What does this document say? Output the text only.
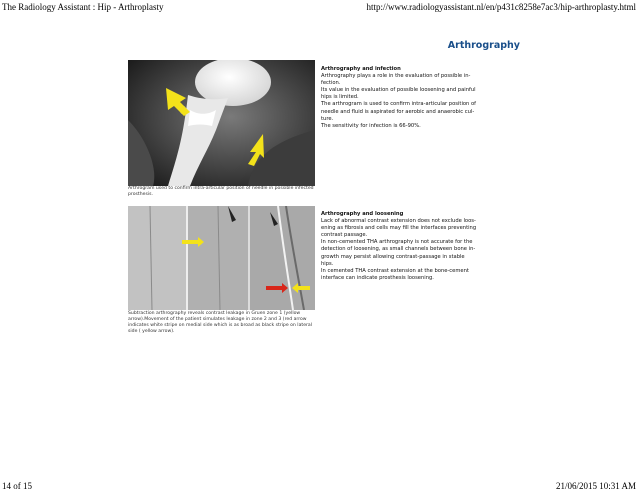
The Radiology Assistant : Hip - Arthroplasty	http://www.radiologyassistant.nl/en/p431c8258e7ac3/hip-arthroplasty.html
Arthrography
Arthrogram used to confirm intra-articular position of needle in possible infected prosthesis.
Subtraction arthrography reveals contrast leakage in Gruen zone 1 (yellow arrow).Movement of the patient simulates leakage in zone 2 and 3 (red arrow indicates white stripe on medial side which is as broad as black stripe on lateral side ( yellow arrow).
Arthrography and infection
Arthrography plays a role in the evaluation of possible in-
fection.
Its value in the evaluation of possible loosening and painful
hips is limited.
The arthrogram is used to confirm intra-articular position of
needle and fluid is aspirated for aerobic and anaerobic cul-
ture.
The sensitivity for infection is 66-90%.
Arthrography and loosening
Lack of abnormal contrast extension does not exclude loos-
ening as fibrosis and cells may fill the interfaces preventing
contrast passage.
In non-cemented THA arthrography is not accurate for the
detection of loosening, as small channels between bone in-
growth may persist allowing contrast-passage in stable
hips.
In cemented THA contrast extension at the bone-cement
interface can indicate prosthesis loosening.
14 of 15	21/06/2015 10:31 AM
